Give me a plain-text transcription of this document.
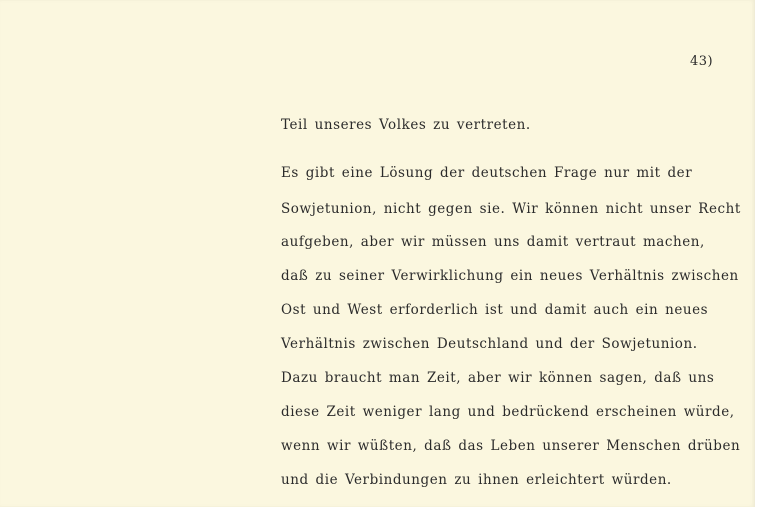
43)
Teil unseres Volkes zu vertreten.
Es gibt eine Lösung der deutschen Frage nur mit der
Sowjetunion, nicht gegen sie. Wir können nicht unser Recht
aufgeben, aber wir müssen uns damit vertraut machen,
daß zu seiner Verwirklichung ein neues Verhältnis zwischen
Ost und West erforderlich ist und damit auch ein neues
Verhältnis zwischen Deutschland und der Sowjetunion.
Dazu braucht man Zeit, aber wir können sagen, daß uns
diese Zeit weniger lang und bedrückend erscheinen würde,
wenn wir wüßten, daß das Leben unserer Menschen drüben
und die Verbindungen zu ihnen erleichtert würden.
